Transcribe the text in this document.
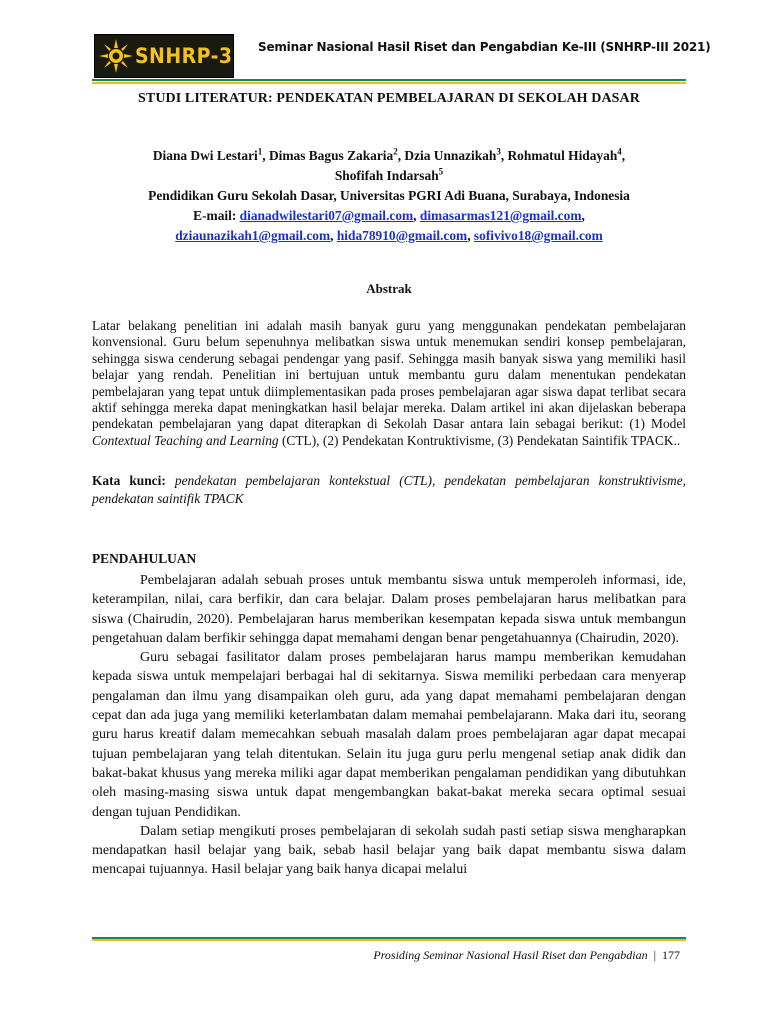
SNHRP-3 Seminar Nasional Hasil Riset dan Pengabdian Ke-III (SNHRP-III 2021)
STUDI LITERATUR: PENDEKATAN PEMBELAJARAN DI SEKOLAH DASAR
Diana Dwi Lestari$^1$, Dimas Bagus Zakaria$^2$, Dzia Unnazikah$^3$, Rohmatul Hidayah$^4$,
Shofifah Indarsah$^5$
Pendidikan Guru Sekolah Dasar, Universitas PGRI Adi Buana, Surabaya, Indonesia
E-mail: dianadwilestari07@gmail.com, dimasarmas121@gmail.com,
dziaunazikah1@gmail.com, hida78910@gmail.com, sofivivo18@gmail.com
Abstrak

Latar belakang penelitian ini adalah masih banyak guru yang menggunakan pendekatan pembelajaran konvensional. Guru belum sepenuhnya melibatkan siswa untuk menemukan sendiri konsep pembelajaran, sehingga siswa cenderung sebagai pendengar yang pasif. Sehingga masih banyak siswa yang memiliki hasil belajar yang rendah. Penelitian ini bertujuan untuk membantu guru dalam menentukan pendekatan pembelajaran yang tepat untuk diimplementasikan pada proses pembelajaran agar siswa dapat terlibat secara aktif sehingga mereka dapat meningkatkan hasil belajar mereka. Dalam artikel ini akan dijelaskan beberapa pendekatan pembelajaran yang dapat diterapkan di Sekolah Dasar antara lain sebagai berikut: (1) Model Contextual Teaching and Learning (CTL), (2) Pendekatan Kontruktivisme, (3) Pendekatan Saintifik TPACK..

Kata kunci: pendekatan pembelajaran kontekstual (CTL), pendekatan pembelajaran konstruktivisme, pendekatan saintifik TPACK

PENDAHULUAN

Pembelajaran adalah sebuah proses untuk membantu siswa untuk memperoleh informasi, ide, keterampilan, nilai, cara berfikir, dan cara belajar. Dalam proses pembelajaran harus melibatkan para siswa (Chairudin, 2020). Pembelajaran harus memberikan kesempatan kepada siswa untuk membangun pengetahuan dalam berfikir sehingga dapat memahami dengan benar pengetahuannya (Chairudin, 2020).

Guru sebagai fasilitator dalam proses pembelajaran harus mampu memberikan kemudahan kepada siswa untuk mempelajari berbagai hal di sekitarnya. Siswa memiliki perbedaan cara menyerap pengalaman dan ilmu yang disampaikan oleh guru, ada yang dapat memahami pembelajaran dengan cepat dan ada juga yang memiliki keterlambatan dalam memahai pembelajarann. Maka dari itu, seorang guru harus kreatif dalam memecahkan sebuah masalah dalam proes pembelajaran agar dapat mecapai tujuan pembelajaran yang telah ditentukan. Selain itu juga guru perlu mengenal setiap anak didik dan bakat-bakat khusus yang mereka miliki agar dapat memberikan pengalaman pendidikan yang dibutuhkan oleh masing-masing siswa untuk dapat mengembangkan bakat-bakat mereka secara optimal sesuai dengan tujuan Pendidikan.

Dalam setiap mengikuti proses pembelajaran di sekolah sudah pasti setiap siswa mengharapkan mendapatkan hasil belajar yang baik, sebab hasil belajar yang baik dapat membantu siswa dalam mencapai tujuannya. Hasil belajar yang baik hanya dicapai melalui

Prosiding Seminar Nasional Hasil Riset dan Pengabdian | 177
